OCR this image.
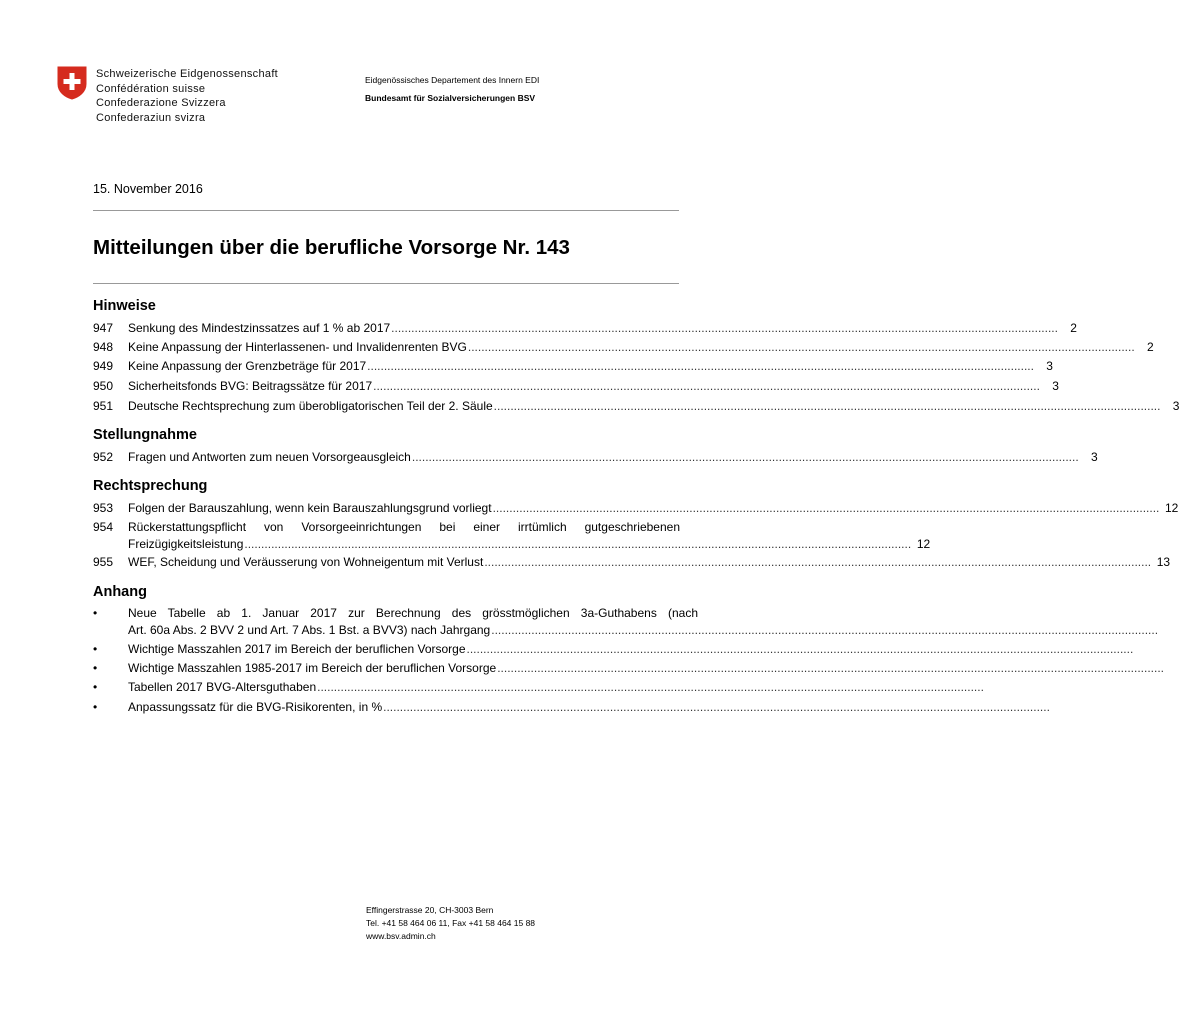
Schweizerische Eidgenossenschaft
Confédération suisse
Confederazione Svizzera
Confederaziun svizra
Eidgenössisches Departement des Innern EDI
Bundesamt für Sozialversicherungen BSV
15. November 2016
Mitteilungen über die berufliche Vorsorge Nr. 143
Hinweise
947 Senkung des Mindestzinssatzes auf 1 % ab 2017 ........................................................................................................................................................................................................	2
948 Keine Anpassung der Hinterlassenen- und Invalidenrenten BVG ........................................................................................................................................................................................................	2
949 Keine Anpassung der Grenzbeträge für 2017 ........................................................................................................................................................................................................	3
950 Sicherheitsfonds BVG: Beitragssätze für 2017 ........................................................................................................................................................................................................	3
951 Deutsche Rechtsprechung zum überobligatorischen Teil der 2. Säule ........................................................................................................................................................................................................	3
Stellungnahme
952 Fragen und Antworten zum neuen Vorsorgeausgleich ........................................................................................................................................................................................................	3
Rechtsprechung
953 Folgen der Barauszahlung, wenn kein Barauszahlungsgrund vorliegt ........................................................................................................................................................................................................ 12
954 Rückerstattungspflicht von Vorsorgeeinrichtungen bei einer irrtümlich gutgeschriebenen
Freizügigkeitsleistung ........................................................................................................................................................................................................ 12
955 WEF, Scheidung und Veräusserung von Wohneigentum mit Verlust ........................................................................................................................................................................................................ 13
Anhang
•	Neue Tabelle ab 1. Januar 2017 zur Berechnung des grösstmöglichen 3a-Guthabens (nach
Art. 60a Abs. 2 BVV 2 und Art. 7 Abs. 1 Bst. a BVV3) nach Jahrgang ........................................................................................................................................................................................................
•	Wichtige Masszahlen 2017 im Bereich der beruflichen Vorsorge ........................................................................................................................................................................................................
•	Wichtige Masszahlen 1985-2017 im Bereich der beruflichen Vorsorge ........................................................................................................................................................................................................
•	Tabellen 2017 BVG-Altersguthaben ........................................................................................................................................................................................................
•	Anpassungssatz für die BVG-Risikorenten, in % ........................................................................................................................................................................................................
Effingerstrasse 20, CH-3003 Bern
Tel. +41 58 464 06 11, Fax +41 58 464 15 88
www.bsv.admin.ch
